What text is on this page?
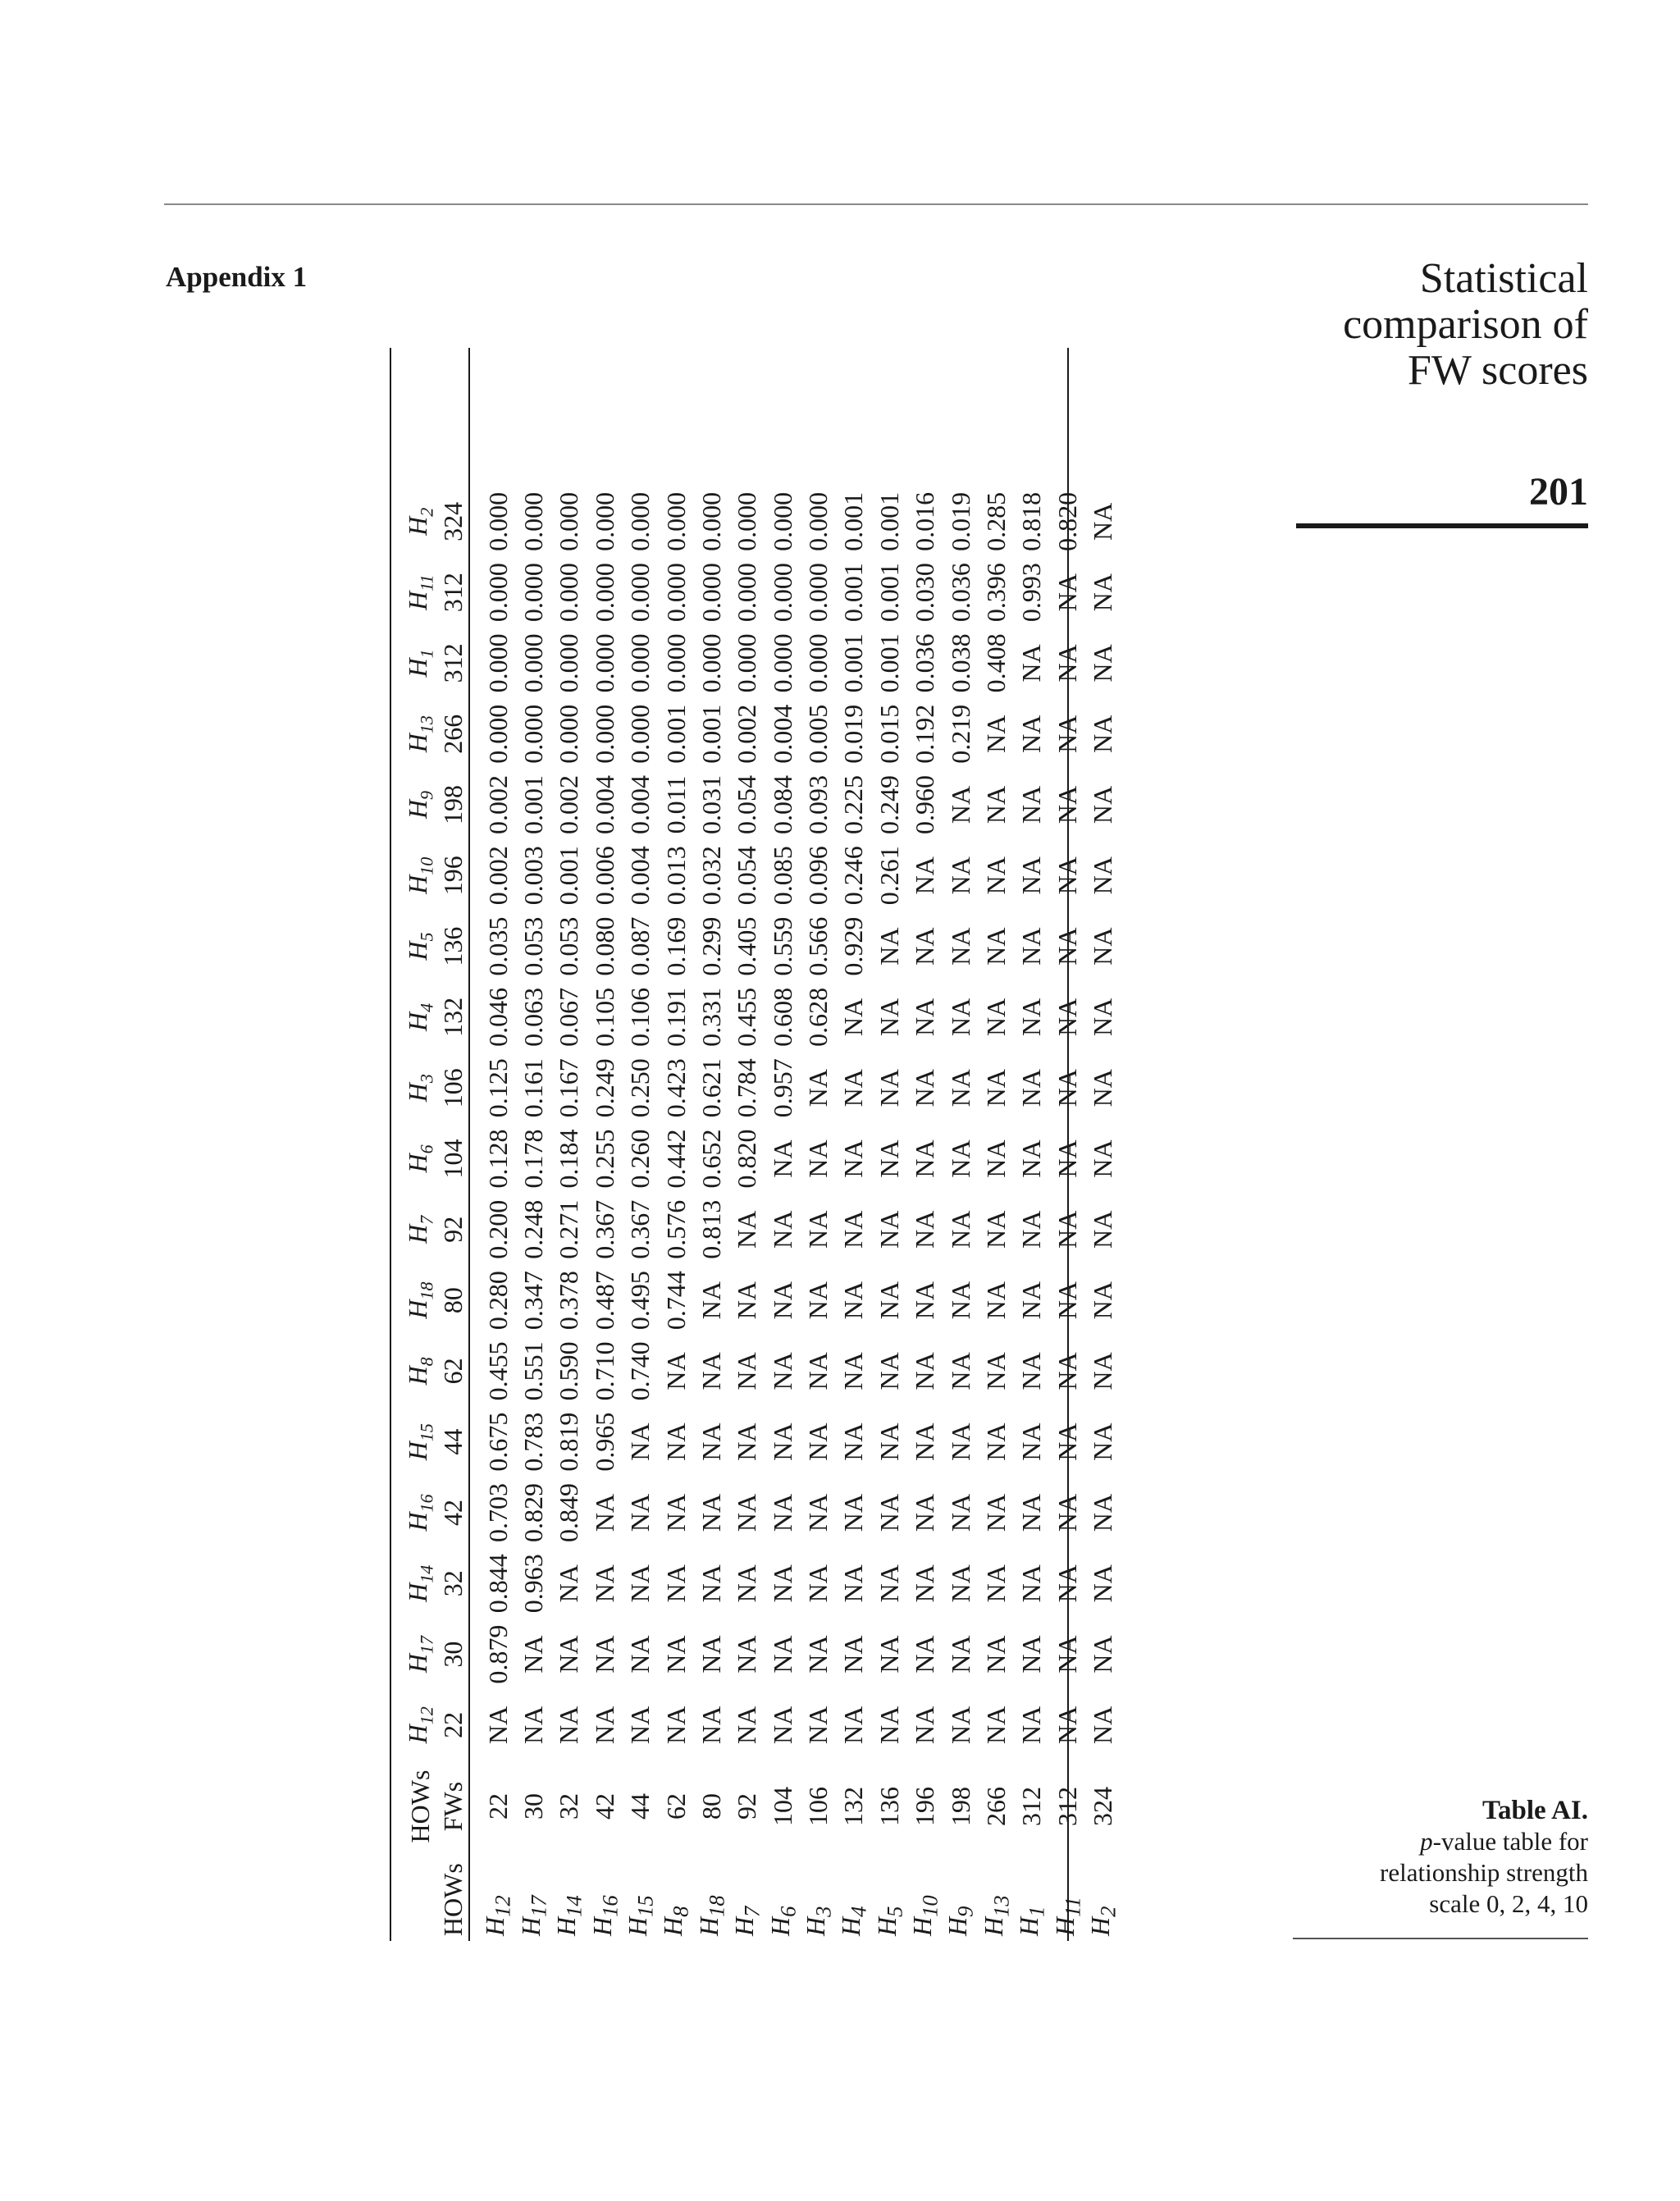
Appendix 1	Statistical
comparison of
FW scores
201
Table AI.
p-value table for
relationship strength
scale 0, 2, 4, 10
HOWs	HOWs	$H_{12}$	$H_{17}$	$H_{14}$	$H_{16}$	$H_{15}$	$H_8$	$H_{18}$	$H_7$	$H_6$	$H_3$	$H_4$	$H_5$	$H_{10}$	$H_9$	$H_{13}$	$H_1$	$H_{11}$	$H_2$
	FWs	22	30	32	42	44	62	80	92	104	106	132	136	196	198	266	312	312	324

$H_{12}$	22	NA	0.879	0.844	0.703	0.675	0.455	0.280	0.200	0.128	0.125	0.046	0.035	0.002	0.002	0.000	0.000	0.000	0.000
$H_{17}$	30	NA	NA	0.963	0.829	0.783	0.551	0.347	0.248	0.178	0.161	0.063	0.053	0.003	0.001	0.000	0.000	0.000	0.000
$H_{14}$	32	NA	NA	NA	0.849	0.819	0.590	0.378	0.271	0.184	0.167	0.067	0.053	0.001	0.002	0.000	0.000	0.000	0.000
$H_{16}$	42	NA	NA	NA	NA	0.965	0.710	0.487	0.367	0.255	0.249	0.105	0.080	0.006	0.004	0.000	0.000	0.000	0.000
$H_{15}$	44	NA	NA	NA	NA	NA	0.740	0.495	0.367	0.260	0.250	0.106	0.087	0.004	0.004	0.000	0.000	0.000	0.000
$H_8$	62	NA	NA	NA	NA	NA	NA	0.744	0.576	0.442	0.423	0.191	0.169	0.013	0.011	0.001	0.000	0.000	0.000
$H_{18}$	80	NA	NA	NA	NA	NA	NA	NA	0.813	0.652	0.621	0.331	0.299	0.032	0.031	0.001	0.000	0.000	0.000
$H_7$	92	NA	NA	NA	NA	NA	NA	NA	NA	0.820	0.784	0.455	0.405	0.054	0.054	0.002	0.000	0.000	0.000
$H_6$	104	NA	NA	NA	NA	NA	NA	NA	NA	NA	0.957	0.608	0.559	0.085	0.084	0.004	0.000	0.000	0.000
$H_3$	106	NA	NA	NA	NA	NA	NA	NA	NA	NA	NA	0.628	0.566	0.096	0.093	0.005	0.000	0.000	0.000
$H_4$	132	NA	NA	NA	NA	NA	NA	NA	NA	NA	NA	NA	0.929	0.246	0.225	0.019	0.001	0.001	0.001
$H_5$	136	NA	NA	NA	NA	NA	NA	NA	NA	NA	NA	NA	NA	0.261	0.249	0.015	0.001	0.001	0.001
$H_{10}$	196	NA	NA	NA	NA	NA	NA	NA	NA	NA	NA	NA	NA	NA	0.960	0.192	0.036	0.030	0.016
$H_9$	198	NA	NA	NA	NA	NA	NA	NA	NA	NA	NA	NA	NA	NA	NA	0.219	0.038	0.036	0.019
$H_{13}$	266	NA	NA	NA	NA	NA	NA	NA	NA	NA	NA	NA	NA	NA	NA	NA	0.408	0.396	0.285
$H_1$	312	NA	NA	NA	NA	NA	NA	NA	NA	NA	NA	NA	NA	NA	NA	NA	NA	0.993	0.818
$H_{11}$	312	NA	NA	NA	NA	NA	NA	NA	NA	NA	NA	NA	NA	NA	NA	NA	NA	NA	0.820
$H_2$	324	NA	NA	NA	NA	NA	NA	NA	NA	NA	NA	NA	NA	NA	NA	NA	NA	NA	NA
